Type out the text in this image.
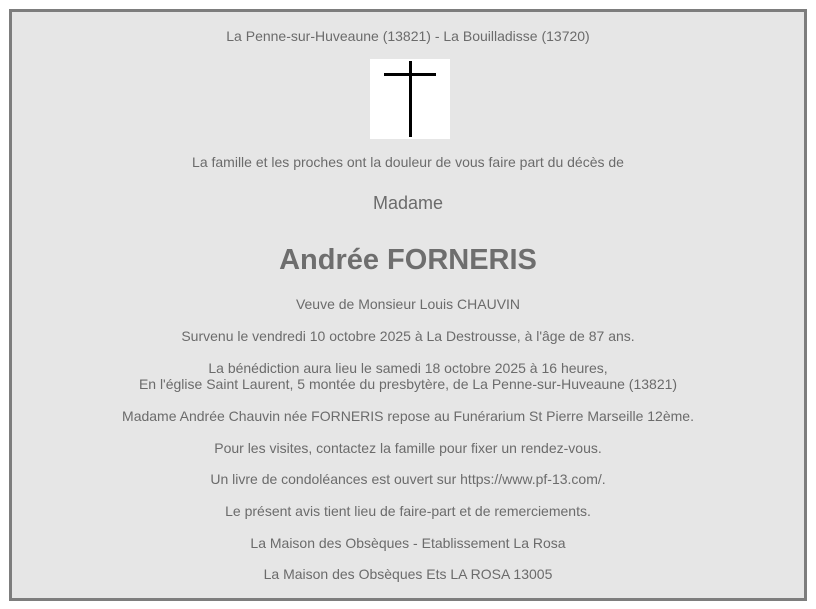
La Penne-sur-Huveaune (13821) - La Bouilladisse (13720)
La famille et les proches ont la douleur de vous faire part du décès de
Madame
Andrée FORNERIS
Veuve de Monsieur Louis CHAUVIN
Survenu le vendredi 10 octobre 2025 à La Destrousse, à l'âge de 87 ans.
La bénédiction aura lieu le samedi 18 octobre 2025 à 16 heures,
En l'église Saint Laurent, 5 montée du presbytère, de La Penne-sur-Huveaune (13821)
Madame Andrée Chauvin née FORNERIS repose au Funérarium St Pierre Marseille 12ème.
Pour les visites, contactez la famille pour fixer un rendez-vous.
Un livre de condoléances est ouvert sur https://www.pf-13.com/.
Le présent avis tient lieu de faire-part et de remerciements.
La Maison des Obsèques - Etablissement La Rosa
La Maison des Obsèques Ets LA ROSA 13005
